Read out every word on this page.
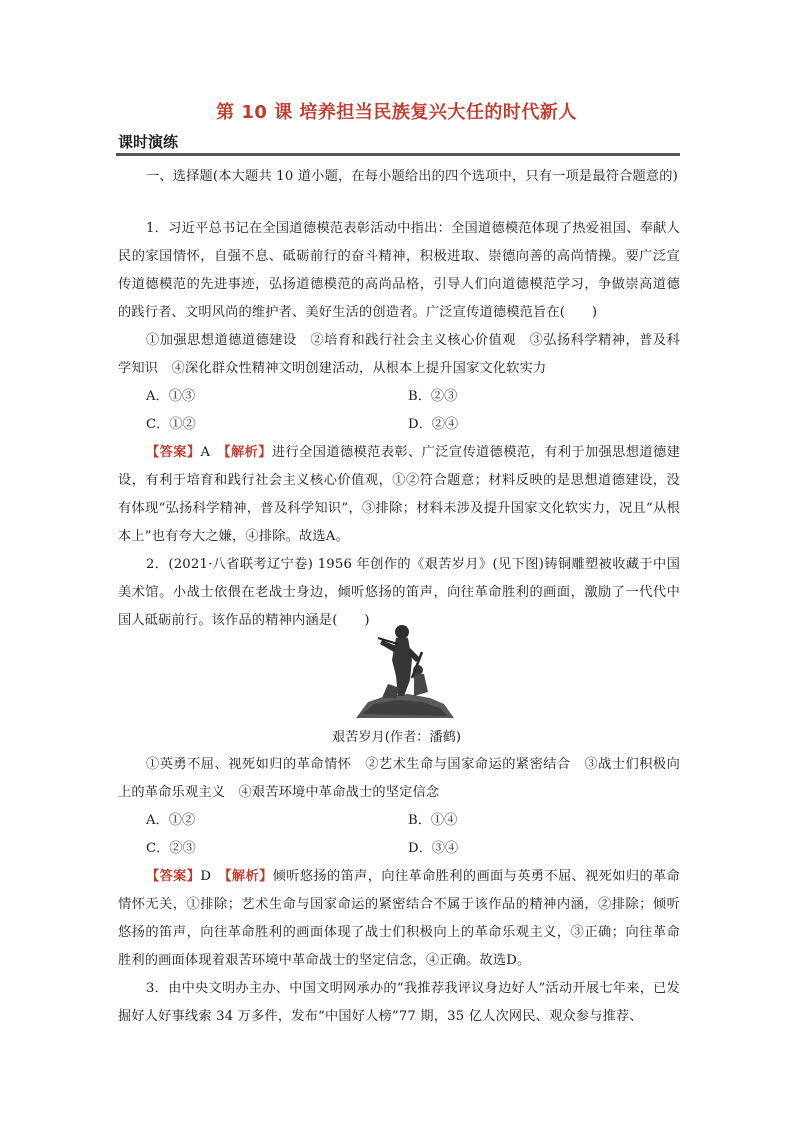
第 10 课 培养担当民族复兴大任的时代新人
课时演练
一、选择题(本大题共 10 道小题，在每小题给出的四个选项中，只有一项是最符合题意的)
1．习近平总书记在全国道德模范表彰活动中指出：全国道德模范体现了热爱祖国、奉献人民的家国情怀，自强不息、砥砺前行的奋斗精神，积极进取、崇德向善的高尚情操。要广泛宣传道德模范的先进事迹，弘扬道德模范的高尚品格，引导人们向道德模范学习，争做崇高道德的践行者、文明风尚的维护者、美好生活的创造者。广泛宣传道德模范旨在(　　)
①加强思想道德道德建设　②培育和践行社会主义核心价值观　③弘扬科学精神，普及科学知识　④深化群众性精神文明创建活动，从根本上提升国家文化软实力
A．①③	B．②③
C．①②	D．②④
【答案】A　 【解析】进行全国道德模范表彰、广泛宣传道德模范，有利于加强思想道德建设，有利于培育和践行社会主义核心价值观，①②符合题意；材料反映的是思想道德建设，没有体现“弘扬科学精神，普及科学知识”，③排除；材料未涉及提升国家文化软实力，况且“从根本上”也有夸大之嫌，④排除。故选A。
2．(2021·八省联考辽宁卷) 1956 年创作的《艰苦岁月》(见下图)铸铜雕塑被收藏于中国美术馆。小战士依偎在老战士身边，倾听悠扬的笛声，向往革命胜利的画面，激励了一代代中国人砥砺前行。该作品的精神内涵是(　　)
艰苦岁月(作者：潘鹤)
①英勇不屈、视死如归的革命情怀　②艺术生命与国家命运的紧密结合　③战士们积极向上的革命乐观主义　④艰苦环境中革命战士的坚定信念
A．①②	B．①④
C．②③	D．③④
【答案】D　 【解析】倾听悠扬的笛声，向往革命胜利的画面与英勇不屈、视死如归的革命情怀无关，①排除；艺术生命与国家命运的紧密结合不属于该作品的精神内涵，②排除；倾听悠扬的笛声，向往革命胜利的画面体现了战士们积极向上的革命乐观主义，③正确；向往革命胜利的画面体现着艰苦环境中革命战士的坚定信念，④正确。故选D。
3．由中央文明办主办、中国文明网承办的“我推荐我评议身边好人”活动开展七年来，已发掘好人好事线索 34 万多件，发布“中国好人榜”77 期，35 亿人次网民、观众参与推荐、
